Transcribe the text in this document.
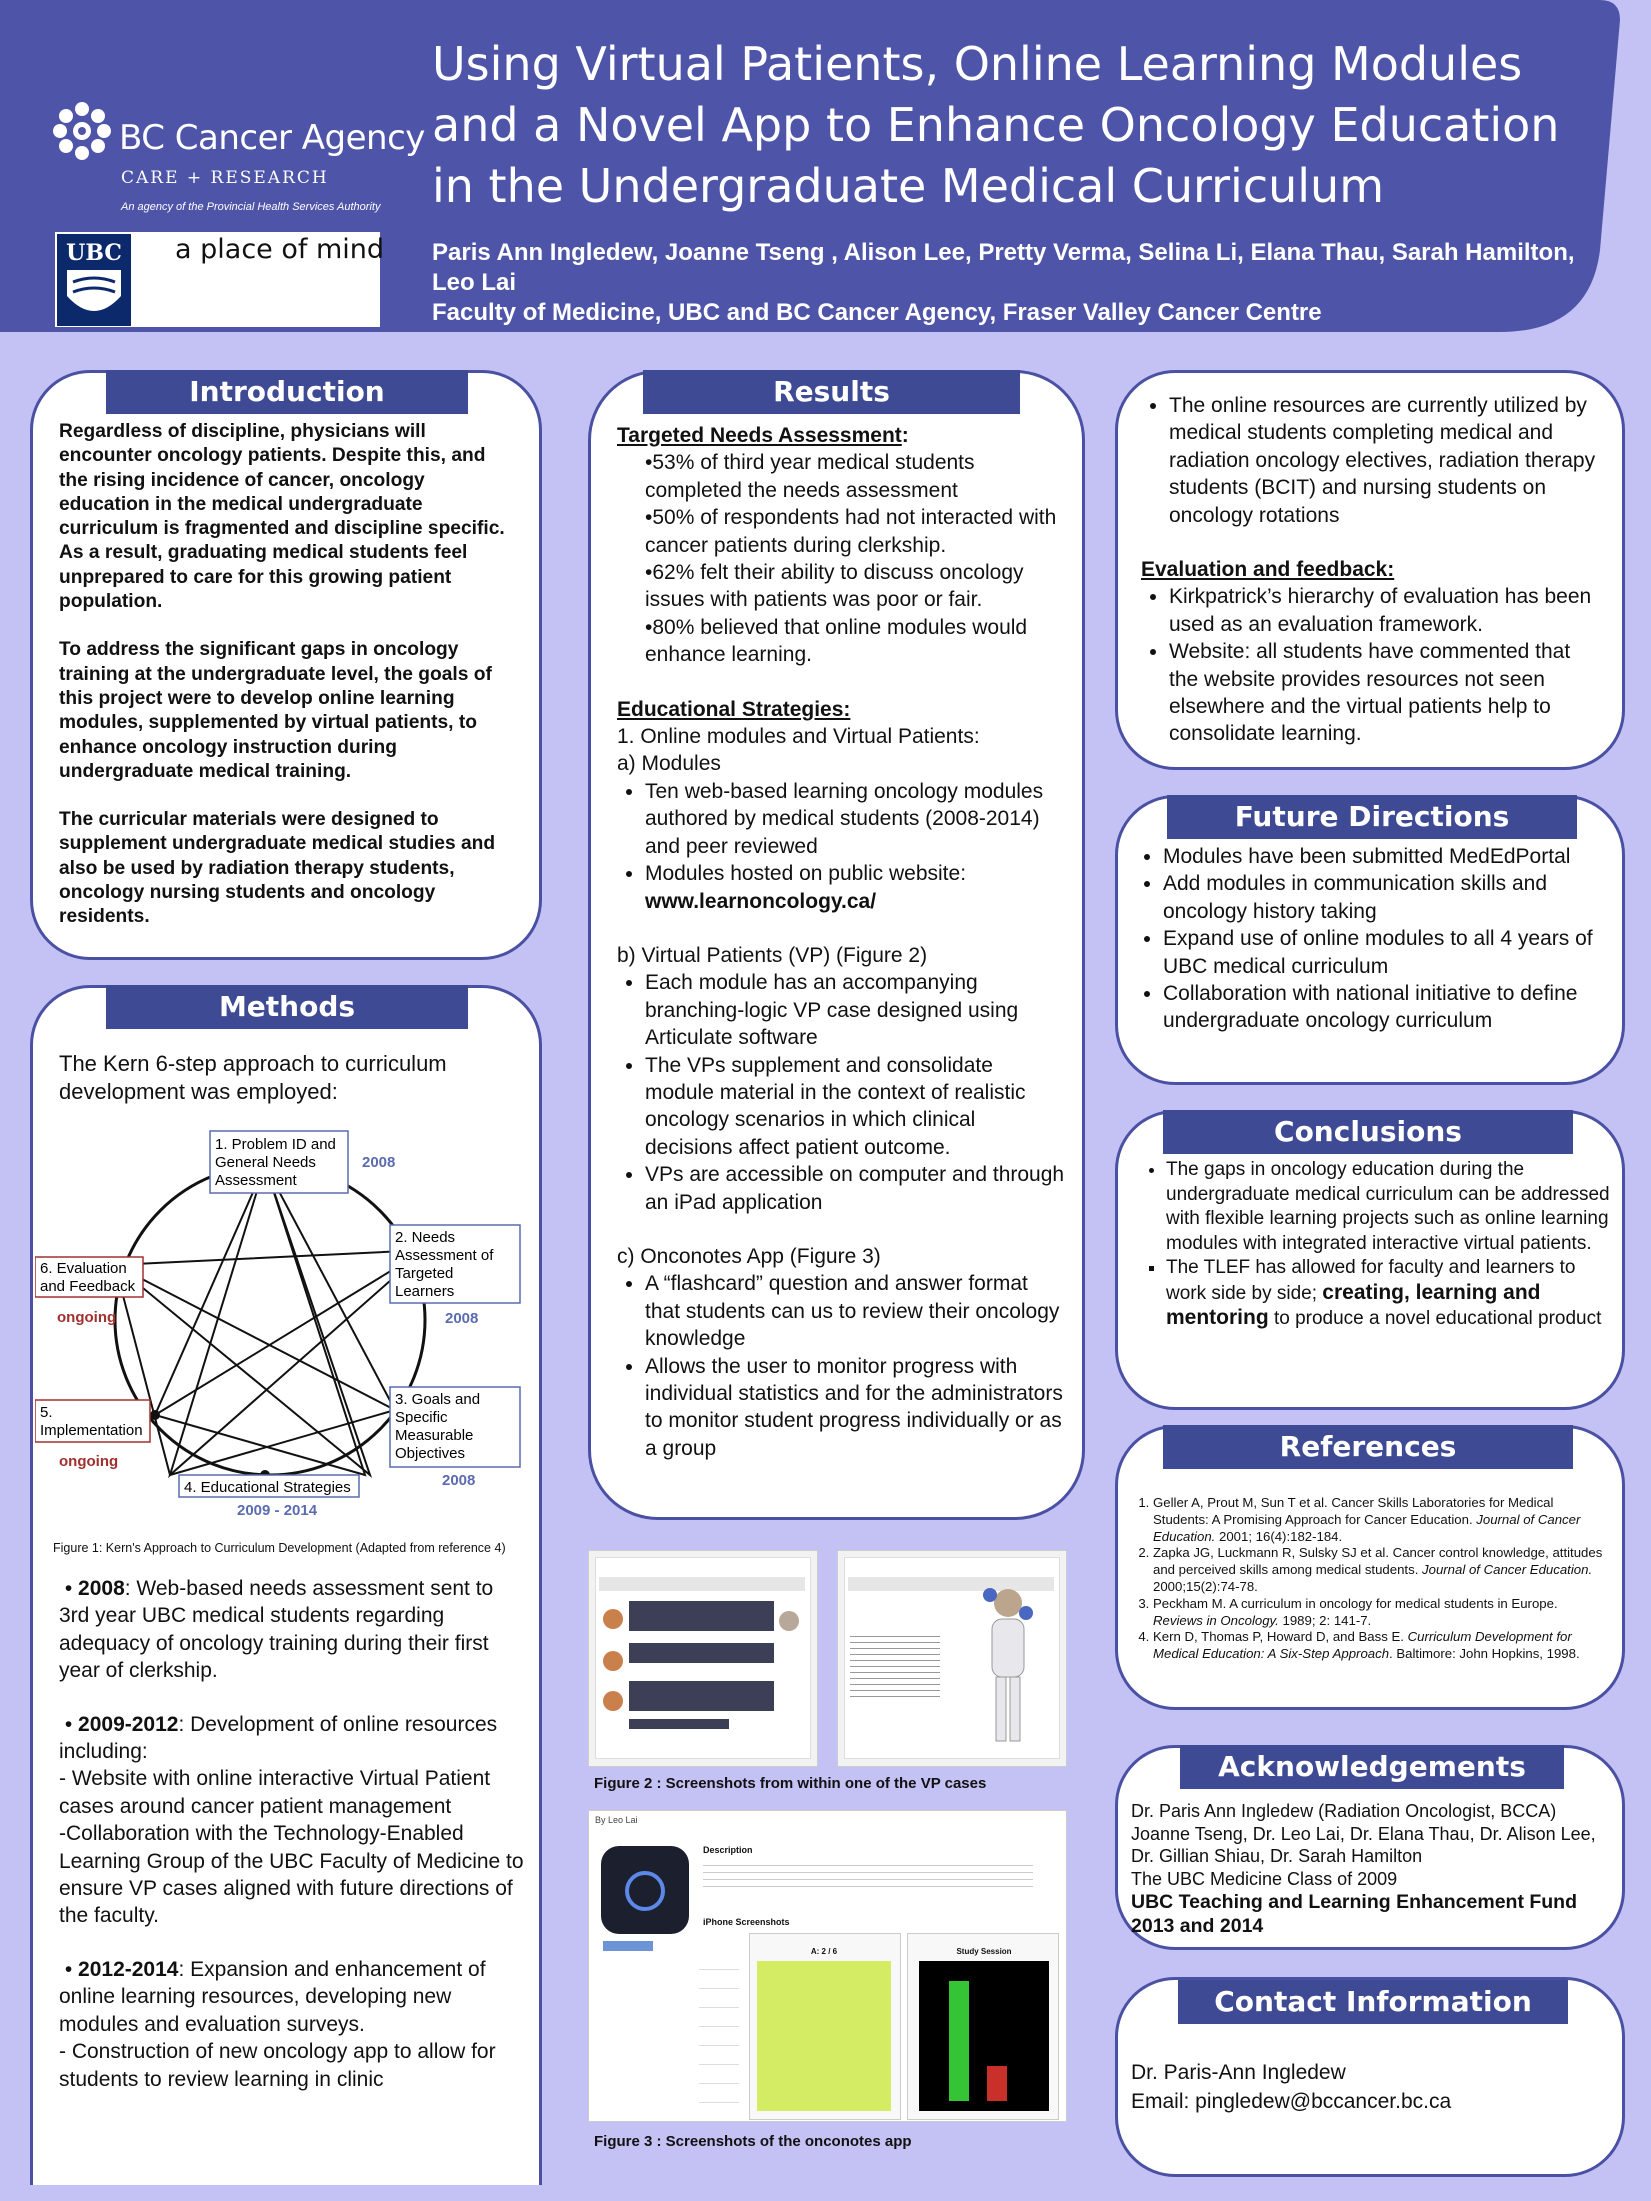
BC Cancer Agency
CARE + RESEARCH
An agency of the Provincial Health Services Authority
UBC a place of mind
Using Virtual Patients, Online Learning Modules and a Novel App to Enhance Oncology Education in the Undergraduate Medical Curriculum
Paris Ann Ingledew, Joanne Tseng , Alison Lee, Pretty Verma, Selina Li, Elana Thau, Sarah Hamilton, Leo Lai
Faculty of Medicine, UBC and BC Cancer Agency, Fraser Valley Cancer Centre
Introduction

Regardless of discipline, physicians will encounter oncology patients. Despite this, and the rising incidence of cancer, oncology education in the medical undergraduate curriculum is fragmented and discipline specific. As a result, graduating medical students feel unprepared to care for this growing patient population.

To address the significant gaps in oncology training at the undergraduate level, the goals of this project were to develop online learning modules, supplemented by virtual patients, to enhance oncology instruction during undergraduate medical training.

The curricular materials were designed to supplement undergraduate medical studies and also be used by radiation therapy students, oncology nursing students and oncology residents.

Methods
The Kern 6-step approach to curriculum development was employed:
1. Problem ID and General Needs Assessment
2008
2. Needs Assessment of Targeted Learners
2008
3. Goals and Specific Measurable Objectives
2008
4. Educational Strategies
2009 - 2014
5. Implementation
ongoing
6. Evaluation and Feedback
ongoing
Figure 1: Kern's Approach to Curriculum Development (Adapted from reference 4)

• 2008: Web-based needs assessment sent to 3rd year UBC medical students regarding adequacy of oncology training during their first year of clerkship.

• 2009-2012: Development of online resources including:

- Website with online interactive Virtual Patient cases around cancer patient management

-Collaboration with the Technology-Enabled Learning Group of the UBC Faculty of Medicine to ensure VP cases aligned with future directions of the faculty.

• 2012-2014: Expansion and enhancement of online learning resources, developing new modules and evaluation surveys.

- Construction of new oncology app to allow for students to review learning in clinic

Results

Targeted Needs Assessment:

•53% of third year medical students completed the needs assessment

•50% of respondents had not interacted with cancer patients during clerkship.

•62% felt their ability to discuss oncology issues with patients was poor or fair.

•80% believed that online modules would enhance learning.

Educational Strategies:

1. Online modules and Virtual Patients:

a) Modules

• Ten web-based learning oncology modules authored by medical students (2008-2014) and peer reviewed
• Modules hosted on public website:
www.learnoncology.ca/

b) Virtual Patients (VP) (Figure 2)

• Each module has an accompanying branching-logic VP case designed using Articulate software
• The VPs supplement and consolidate module material in the context of realistic oncology scenarios in which clinical decisions affect patient outcome.
• VPs are accessible on computer and through an iPad application

c) Onconotes App (Figure 3)

• A “flashcard” question and answer format that students can us to review their oncology knowledge
• Allows the user to monitor progress with individual statistics and for the administrators to monitor student progress individually or as a group
Figure 2 : Screenshots from within one of the VP cases
By Leo Lai
Description
iPhone Screenshots
A: 2 / 6	Study Session
Figure 3 : Screenshots of the onconotes app
• The online resources are currently utilized by medical students completing medical and radiation oncology electives, radiation therapy students (BCIT) and nursing students on oncology rotations

Evaluation and feedback:

• Kirkpatrick’s hierarchy of evaluation has been used as an evaluation framework.
• Website: all students have commented that the website provides resources not seen elsewhere and the virtual patients help to consolidate learning.
Future Directions
• Modules have been submitted MedEdPortal
• Add modules in communication skills and oncology history taking
• Expand use of online modules to all 4 years of UBC medical curriculum
• Collaboration with national initiative to define undergraduate oncology curriculum
Conclusions
• The gaps in oncology education during the undergraduate medical curriculum can be addressed with flexible learning projects such as online learning modules with integrated interactive virtual patients.
▪ The TLEF has allowed for faculty and learners to work side by side; creating, learning and mentoring to produce a novel educational product
References
1. Geller A, Prout M, Sun T et al. Cancer Skills Laboratories for Medical Students: A Promising Approach for Cancer Education. Journal of Cancer Education. 2001; 16(4):182-184.
2. Zapka JG, Luckmann R, Sulsky SJ et al. Cancer control knowledge, attitudes and perceived skills among medical students. Journal of Cancer Education. 2000;15(2):74-78.
3. Peckham M. A curriculum in oncology for medical students in Europe. Reviews in Oncology. 1989; 2: 141-7.
4. Kern D, Thomas P, Howard D, and Bass E. Curriculum Development for Medical Education: A Six-Step Approach. Baltimore: John Hopkins, 1998.
Acknowledgements

Dr. Paris Ann Ingledew (Radiation Oncologist, BCCA)

Joanne Tseng, Dr. Leo Lai, Dr. Elana Thau, Dr. Alison Lee, Dr. Gillian Shiau, Dr. Sarah Hamilton

The UBC Medicine Class of 2009

UBC Teaching and Learning Enhancement Fund 2013 and 2014

Contact Information

Dr. Paris-Ann Ingledew

Email: pingledew@bccancer.bc.ca
